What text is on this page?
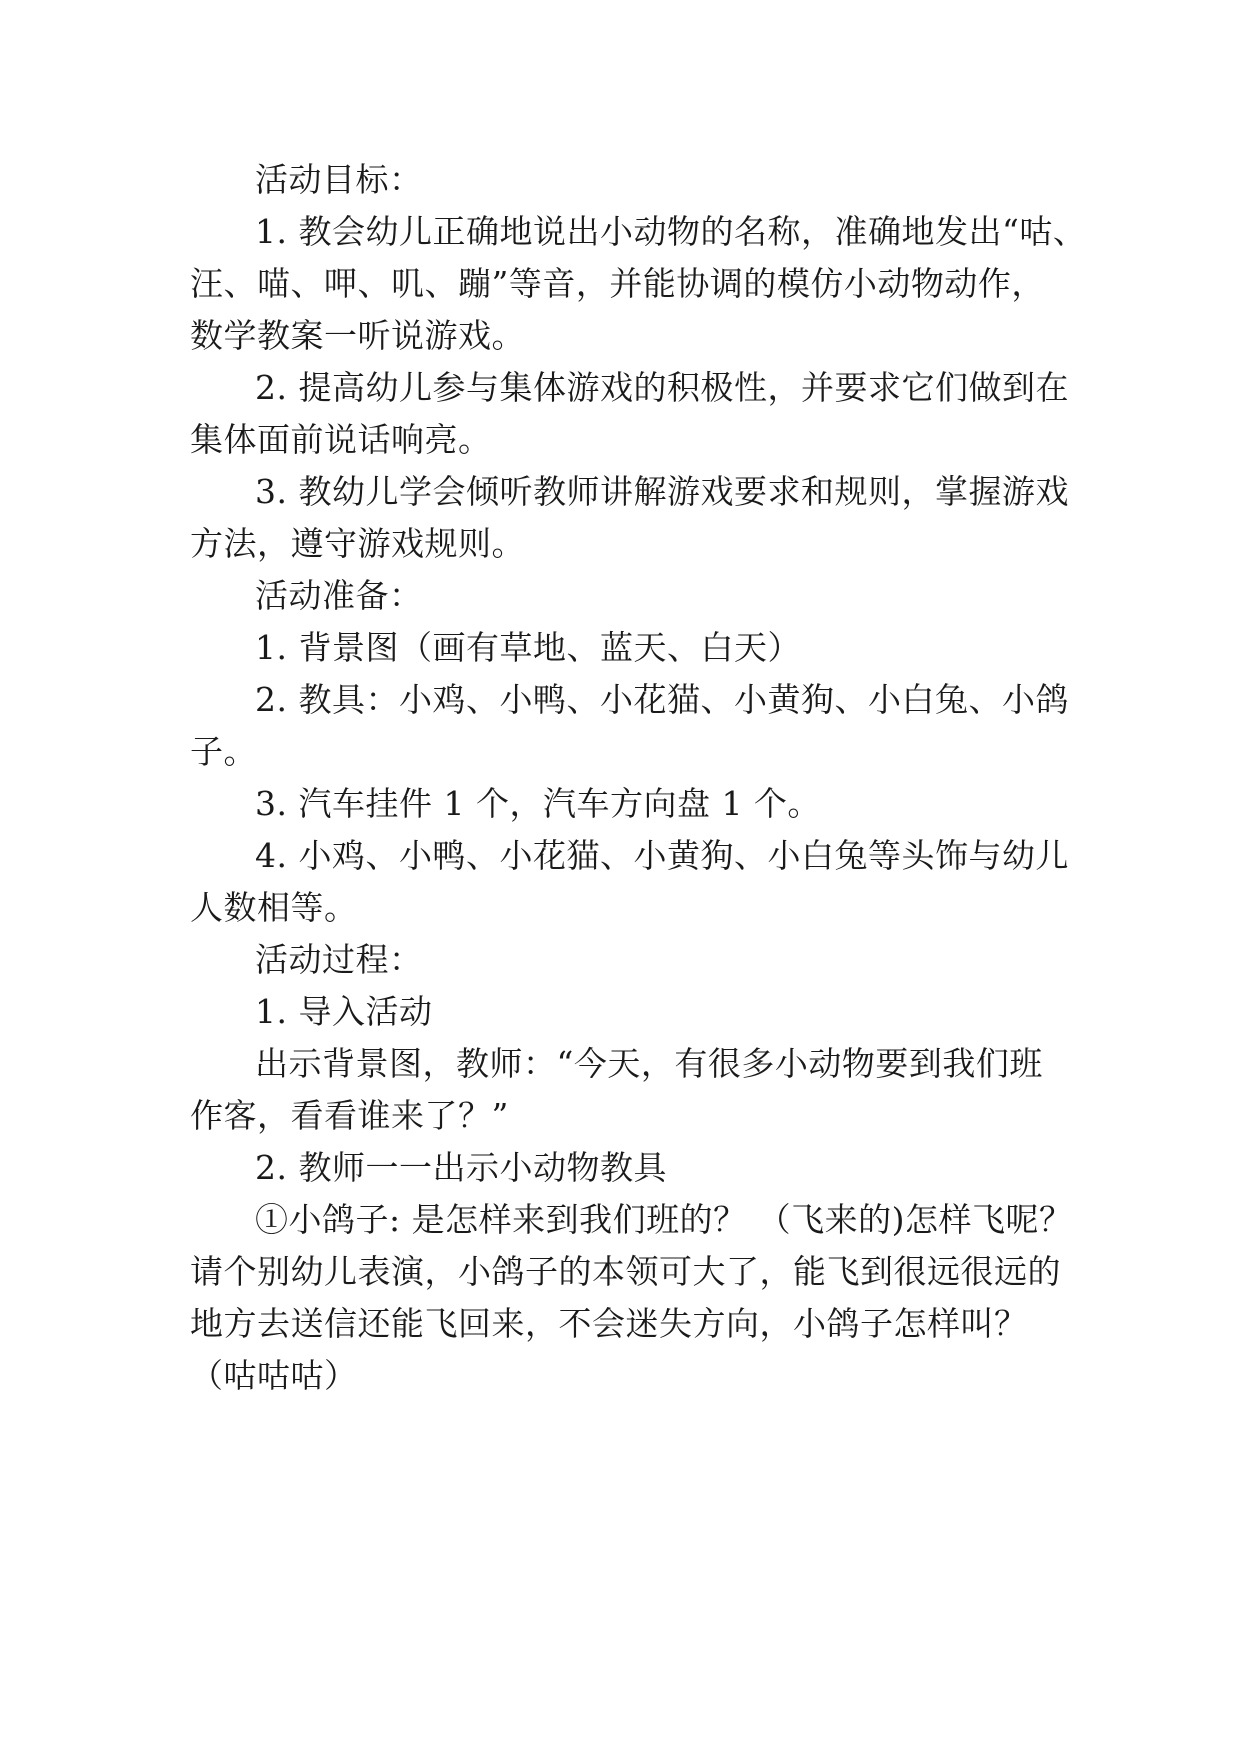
活动目标：
1. 教会幼儿正确地说出小动物的名称，准确地发出“咕、
汪、喵、呷、叽、蹦”等音，并能协调的模仿小动物动作，
数学教案一听说游戏。
2. 提高幼儿参与集体游戏的积极性，并要求它们做到在
集体面前说话响亮。
3. 教幼儿学会倾听教师讲解游戏要求和规则，掌握游戏
方法，遵守游戏规则。
活动准备：
1. 背景图（画有草地、蓝天、白天）
2. 教具：小鸡、小鸭、小花猫、小黄狗、小白兔、小鸽
子。
3. 汽车挂件 1 个，汽车方向盘 1 个。
4. 小鸡、小鸭、小花猫、小黄狗、小白兔等头饰与幼儿
人数相等。
活动过程：
1. 导入活动
出示背景图，教师：“今天，有很多小动物要到我们班
作客，看看谁来了？”
2. 教师一一出示小动物教具
①小鸽子: 是怎样来到我们班的？ （飞来的)怎样飞呢？
请个别幼儿表演，小鸽子的本领可大了，能飞到很远很远的
地方去送信还能飞回来，不会迷失方向，小鸽子怎样叫？
（咕咕咕）
